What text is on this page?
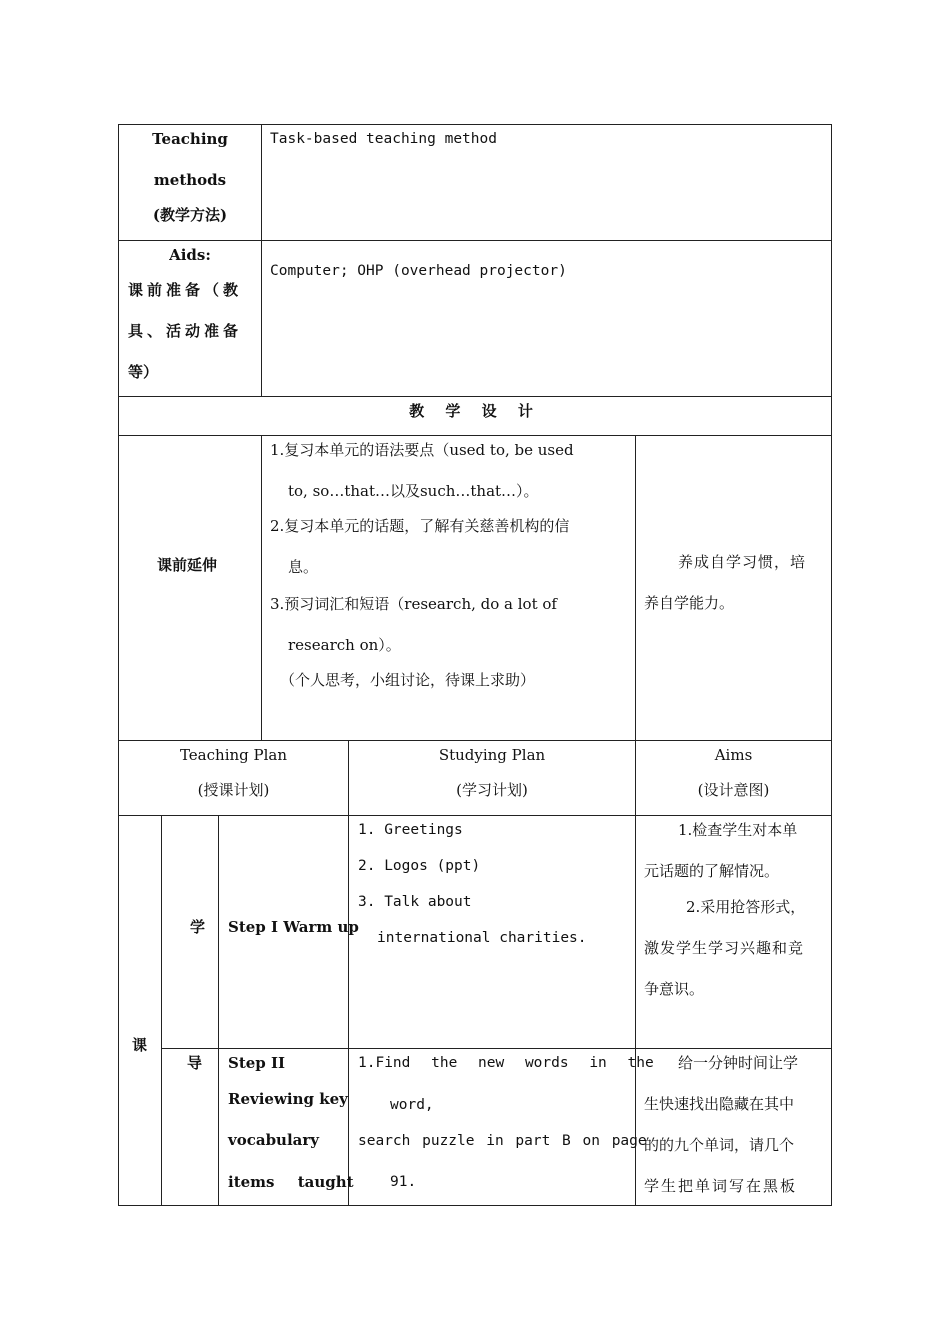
Teaching
methods
(教学方法)
Task-based teaching method
Aids:
课前准备（教
具、活动准备
等）
Computer; OHP (overhead projector)
教 学 设 计
课前延伸
1.复习本单元的语法要点（used to, be used
to, so…that…以及such…that…）。
2.复习本单元的话题，了解有关慈善机构的信
息。
3.预习词汇和短语（research, do a lot of
research on）。
（个人思考，小组讨论，待课上求助）
养成自学习惯，培
养自学能力。
Teaching Plan
(授课计划)
Studying Plan
(学习计划)
Aims
(设计意图)
课
学 Step I Warm up
1. Greetings
2. Logos (ppt)
3. Talk about
international charities.
1.检查学生对本单
元话题的了解情况。
2.采用抢答形式，
激发学生学习兴趣和竞
争意识。
导 Step II
Reviewing key
vocabulary
items taught
1.Find the new words in the
word,
search puzzle in part B on page
91.
给一分钟时间让学
生快速找出隐藏在其中
的的九个单词，请几个
学生把单词写在黑板
